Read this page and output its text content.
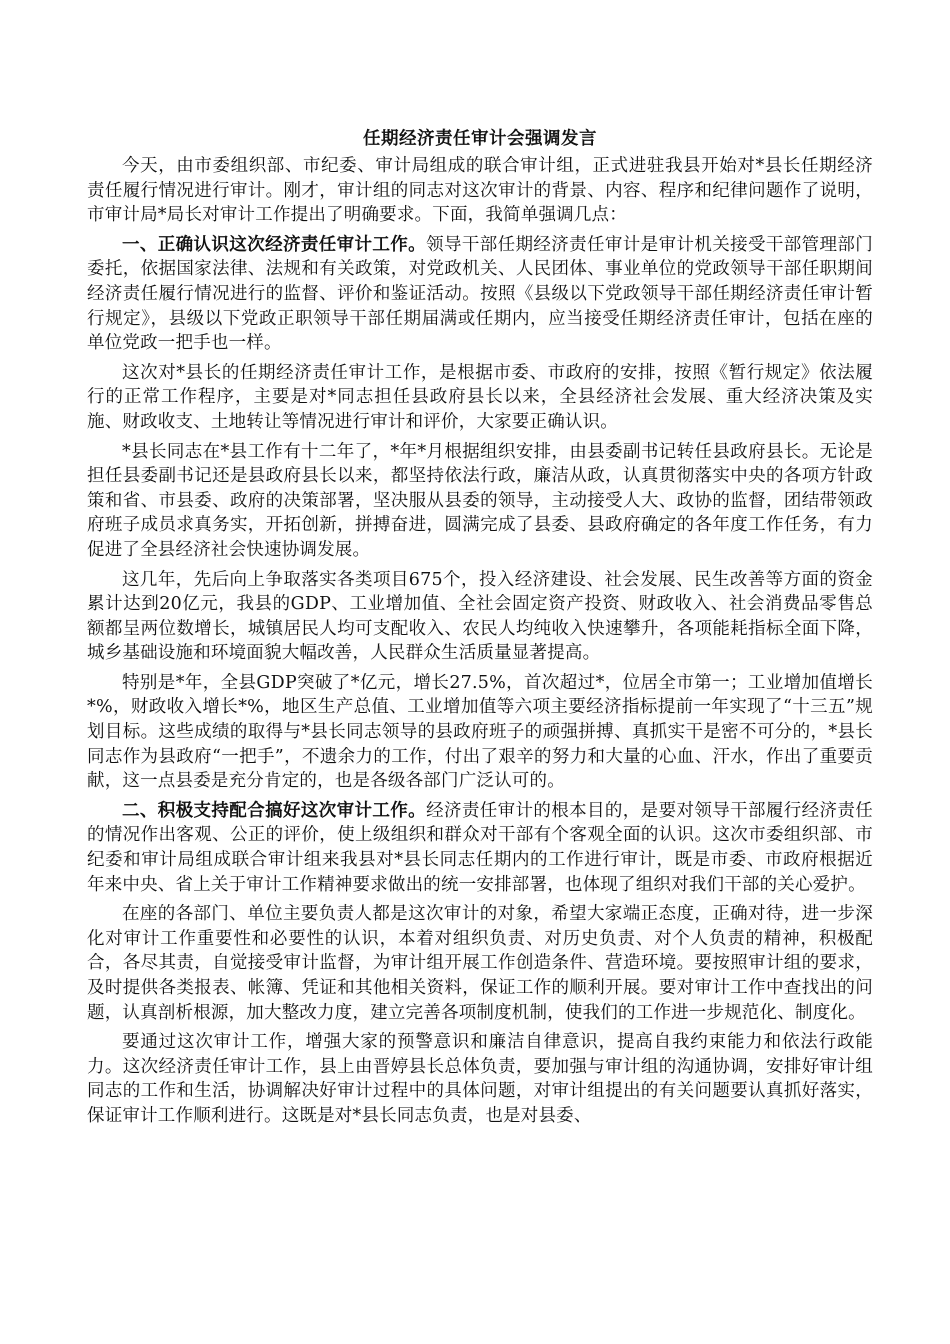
任期经济责任审计会强调发言

今天，由市委组织部、市纪委、审计局组成的联合审计组，正式进驻我县开始对*县长任期经济责任履行情况进行审计。刚才，审计组的同志对这次审计的背景、内容、程序和纪律问题作了说明，市审计局*局长对审计工作提出了明确要求。下面，我简单强调几点：

一、正确认识这次经济责任审计工作。领导干部任期经济责任审计是审计机关接受干部管理部门委托，依据国家法律、法规和有关政策，对党政机关、人民团体、事业单位的党政领导干部任职期间经济责任履行情况进行的监督、评价和鉴证活动。按照《县级以下党政领导干部任期经济责任审计暂行规定》，县级以下党政正职领导干部任期届满或任期内，应当接受任期经济责任审计，包括在座的单位党政一把手也一样。

这次对*县长的任期经济责任审计工作，是根据市委、市政府的安排，按照《暂行规定》依法履行的正常工作程序，主要是对*同志担任县政府县长以来，全县经济社会发展、重大经济决策及实施、财政收支、土地转让等情况进行审计和评价，大家要正确认识。

*县长同志在*县工作有十二年了，*年*月根据组织安排，由县委副书记转任县政府县长。无论是担任县委副书记还是县政府县长以来，都坚持依法行政，廉洁从政，认真贯彻落实中央的各项方针政策和省、市县委、政府的决策部署，坚决服从县委的领导，主动接受人大、政协的监督，团结带领政府班子成员求真务实，开拓创新，拼搏奋进，圆满完成了县委、县政府确定的各年度工作任务，有力促进了全县经济社会快速协调发展。

这几年，先后向上争取落实各类项目675个，投入经济建设、社会发展、民生改善等方面的资金累计达到20亿元，我县的GDP、工业增加值、全社会固定资产投资、财政收入、社会消费品零售总额都呈两位数增长，城镇居民人均可支配收入、农民人均纯收入快速攀升，各项能耗指标全面下降，城乡基础设施和环境面貌大幅改善，人民群众生活质量显著提高。

特别是*年，全县GDP突破了*亿元，增长27.5%，首次超过*，位居全市第一；工业增加值增长*%，财政收入增长*%，地区生产总值、工业增加值等六项主要经济指标提前一年实现了“十三五”规划目标。这些成绩的取得与*县长同志领导的县政府班子的顽强拼搏、真抓实干是密不可分的，*县长同志作为县政府“一把手”，不遗余力的工作，付出了艰辛的努力和大量的心血、汗水，作出了重要贡献，这一点县委是充分肯定的，也是各级各部门广泛认可的。

二、积极支持配合搞好这次审计工作。经济责任审计的根本目的，是要对领导干部履行经济责任的情况作出客观、公正的评价，使上级组织和群众对干部有个客观全面的认识。这次市委组织部、市纪委和审计局组成联合审计组来我县对*县长同志任期内的工作进行审计，既是市委、市政府根据近年来中央、省上关于审计工作精神要求做出的统一安排部署，也体现了组织对我们干部的关心爱护。

在座的各部门、单位主要负责人都是这次审计的对象，希望大家端正态度，正确对待，进一步深化对审计工作重要性和必要性的认识，本着对组织负责、对历史负责、对个人负责的精神，积极配合，各尽其责，自觉接受审计监督，为审计组开展工作创造条件、营造环境。要按照审计组的要求，及时提供各类报表、帐簿、凭证和其他相关资料，保证工作的顺利开展。要对审计工作中查找出的问题，认真剖析根源，加大整改力度，建立完善各项制度机制，使我们的工作进一步规范化、制度化。

要通过这次审计工作，增强大家的预警意识和廉洁自律意识，提高自我约束能力和依法行政能力。这次经济责任审计工作，县上由晋婷县长总体负责，要加强与审计组的沟通协调，安排好审计组同志的工作和生活，协调解决好审计过程中的具体问题，对审计组提出的有关问题要认真抓好落实，保证审计工作顺利进行。这既是对*县长同志负责，也是对县委、
